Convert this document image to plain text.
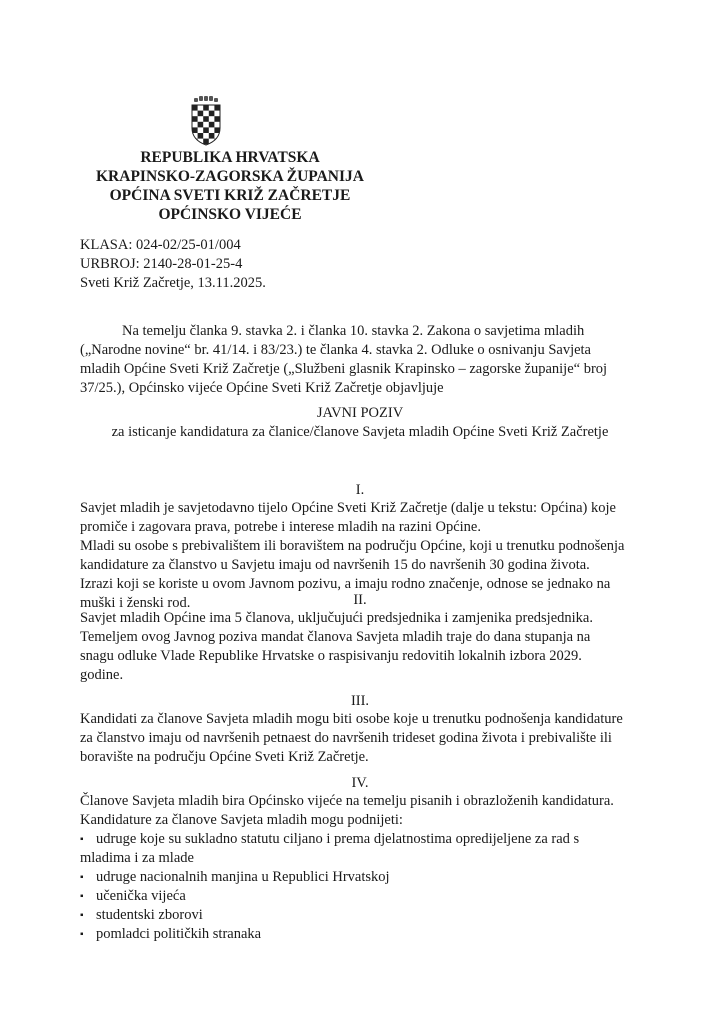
REPUBLIKA HRVATSKA
KRAPINSKO-ZAGORSKA ŽUPANIJA
OPĆINA SVETI KRIŽ ZAČRETJE
OPĆINSKO VIJEĆE
KLASA: 024-02/25-01/004
URBROJ: 2140-28-01-25-4
Sveti Križ Začretje, 13.11.2025.
Na temelju članka 9. stavka 2. i članka 10. stavka 2. Zakona o savjetima mladih
(„Narodne novine“ br. 41/14. i 83/23.) te članka 4. stavka 2. Odluke o osnivanju Savjeta
mladih Općine Sveti Križ Začretje („Službeni glasnik Krapinsko – zagorske županije“ broj
37/25.), Općinsko vijeće Općine Sveti Križ Začretje objavljuje
JAVNI POZIV
za isticanje kandidatura za članice/članove Savjeta mladih Općine Sveti Križ Začretje
I.
Savjet mladih je savjetodavno tijelo Općine Sveti Križ Začretje (dalje u tekstu: Općina) koje
promiče i zagovara prava, potrebe i interese mladih na razini Općine.
Mladi su osobe s prebivalištem ili boravištem na području Općine, koji u trenutku podnošenja
kandidature za članstvo u Savjetu imaju od navršenih 15 do navršenih 30 godina života.
Izrazi koji se koriste u ovom Javnom pozivu, a imaju rodno značenje, odnose se jednako na
muški i ženski rod.	II.
Savjet mladih Općine ima 5 članova, uključujući predsjednika i zamjenika predsjednika.
Temeljem ovog Javnog poziva mandat članova Savjeta mladih traje do dana stupanja na
snagu odluke Vlade Republike Hrvatske o raspisivanju redovitih lokalnih izbora 2029.
godine.
III.
Kandidati za članove Savjeta mladih mogu biti osobe koje u trenutku podnošenja kandidature
za članstvo imaju od navršenih petnaest do navršenih trideset godina života i prebivalište ili
boravište na području Općine Sveti Križ Začretje.
IV.
Članove Savjeta mladih bira Općinsko vijeće na temelju pisanih i obrazloženih kandidatura.
Kandidature za članove Savjeta mladih mogu podnijeti:
▪ udruge koje su sukladno statutu ciljano i prema djelatnostima opredijeljene za rad s
mladima i za mlade
▪ udruge nacionalnih manjina u Republici Hrvatskoj
▪ učenička vijeća
▪ studentski zborovi
▪ pomladci političkih stranaka
